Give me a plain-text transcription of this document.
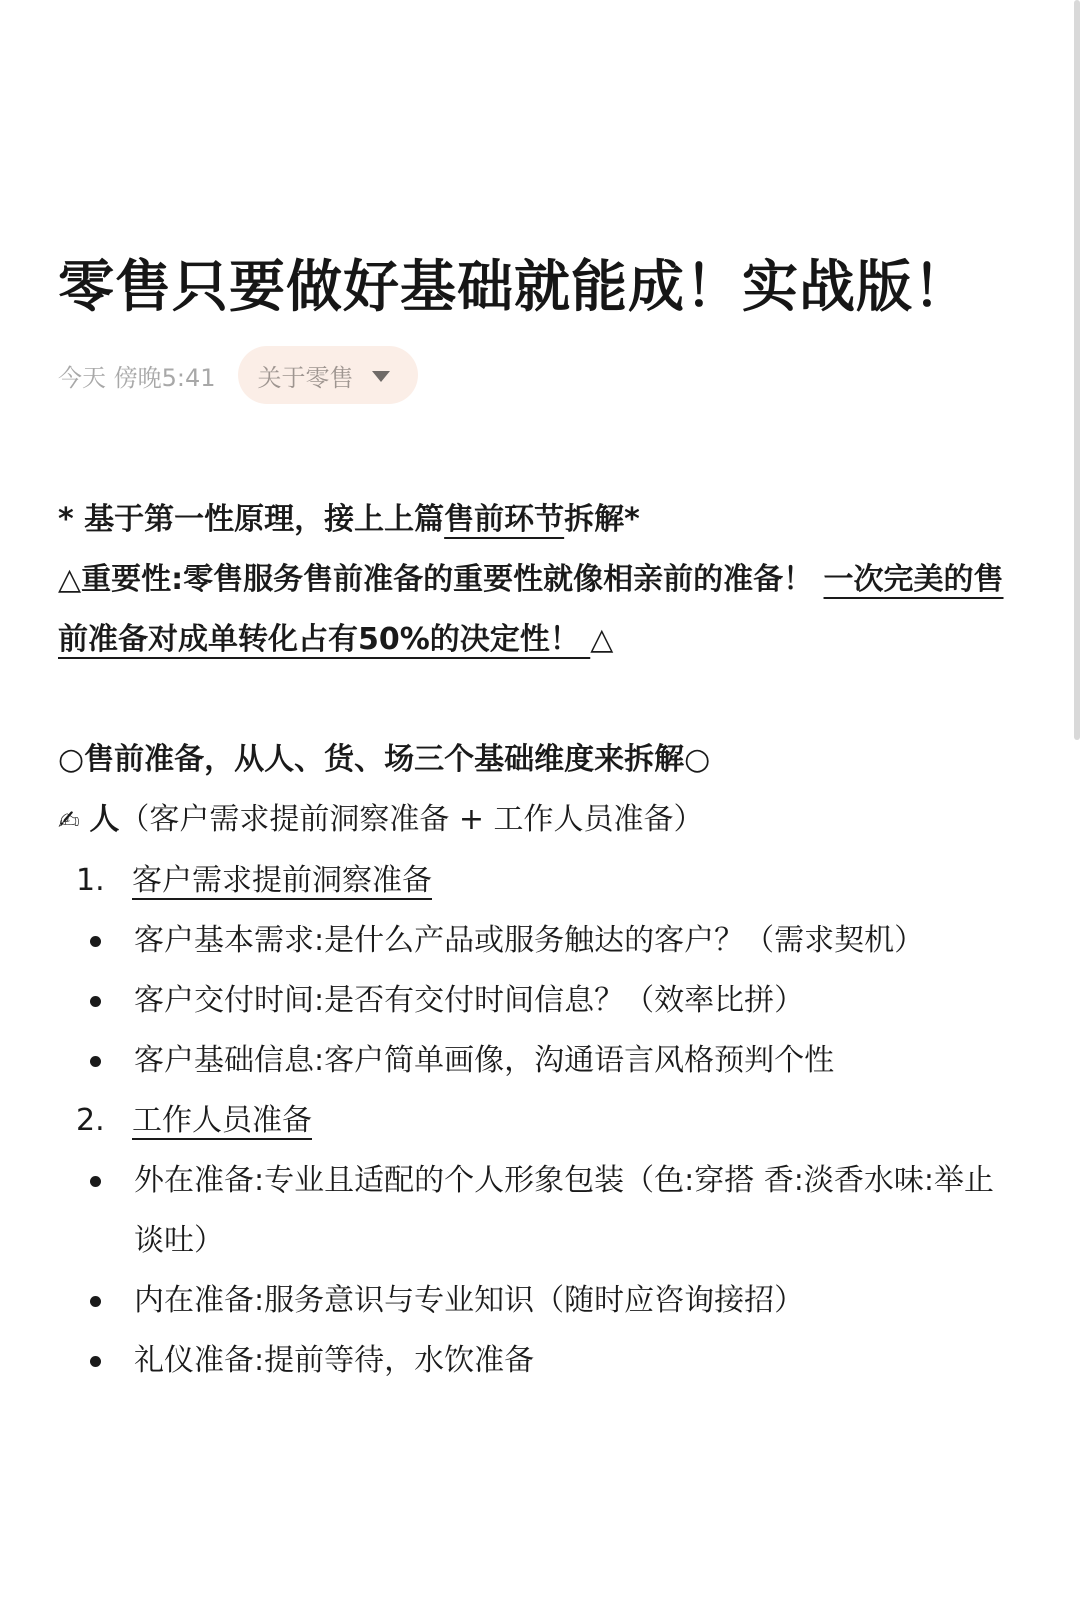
零售只要做好基础就能成！实战版！
今天 傍晚5:41 关于零售
* 基于第一性原理，接上上篇售前环节拆解*
△重要性:零售服务售前准备的重要性就像相亲前的准备！ 一次完美的售前准备对成单转化占有50%的决定性！ △
○售前准备，从人、货、场三个基础维度来拆解○
✍ 人（客户需求提前洞察准备 + 工作人员准备）
1. 客户需求提前洞察准备
客户基本需求:是什么产品或服务触达的客户？（需求契机）
客户交付时间:是否有交付时间信息？（效率比拼）
客户基础信息:客户简单画像，沟通语言风格预判个性
2. 工作人员准备
外在准备:专业且适配的个人形象包装（色:穿搭 香:淡香水味:举止谈吐）
内在准备:服务意识与专业知识（随时应咨询接招）
礼仪准备:提前等待，水饮准备
